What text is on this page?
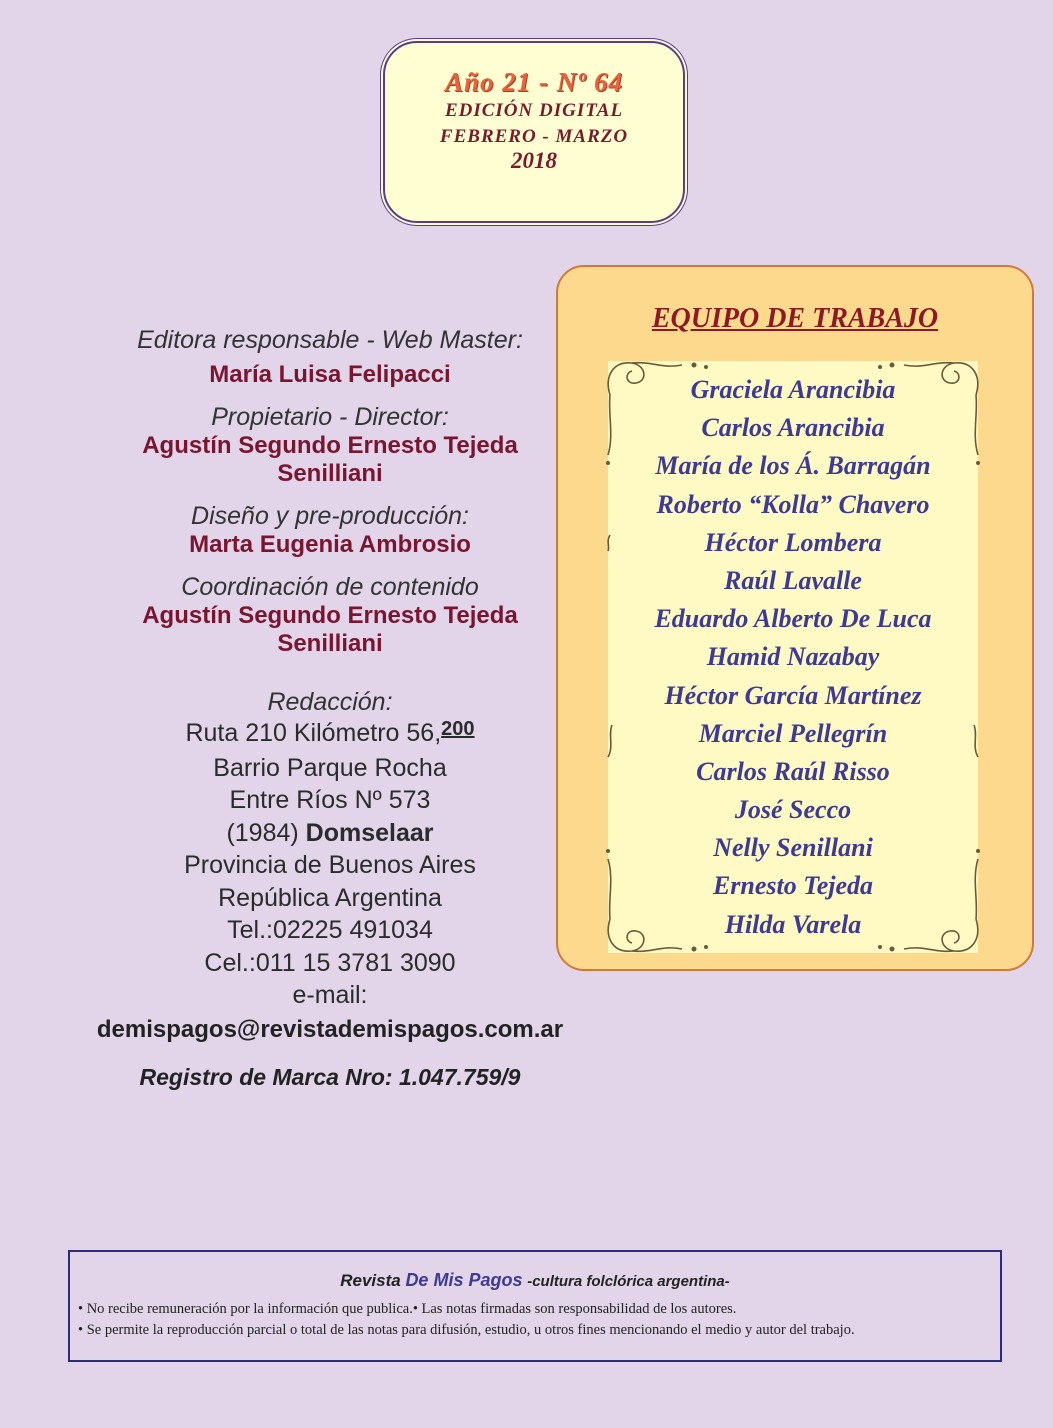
Año 21 - Nº 64
EDICIÓN DIGITAL
FEBRERO - MARZO
2018
Editora responsable - Web Master:
María Luisa Felipacci
Propietario - Director:
Agustín Segundo Ernesto Tejeda
Senilliani
Diseño y pre-producción:
Marta Eugenia Ambrosio
Coordinación de contenido
Agustín Segundo Ernesto Tejeda
Senilliani
Redacción:
Ruta 210 Kilómetro 56,$^{200}$
Barrio Parque Rocha
Entre Ríos Nº 573
(1984) Domselaar
Provincia de Buenos Aires
República Argentina
Tel.:02225 491034
Cel.:011 15 3781 3090
e-mail:
demispagos@revistademispagos.com.ar
Registro de Marca Nro: 1.047.759/9
EQUIPO DE TRABAJO
Graciela Arancibia
Carlos Arancibia
María de los Á. Barragán
Roberto “Kolla” Chavero
Héctor Lombera
Raúl Lavalle
Eduardo Alberto De Luca
Hamid Nazabay
Héctor García Martínez
Marciel Pellegrín
Carlos Raúl Risso
José Secco
Nelly Senillani
Ernesto Tejeda
Hilda Varela
Revista De Mis Pagos -cultura folclórica argentina-
• No recibe remuneración por la información que publica.• Las notas firmadas son responsabilidad de los autores.
• Se permite la reproducción parcial o total de las notas para difusión, estudio, u otros fines mencionando el medio y autor del trabajo.
